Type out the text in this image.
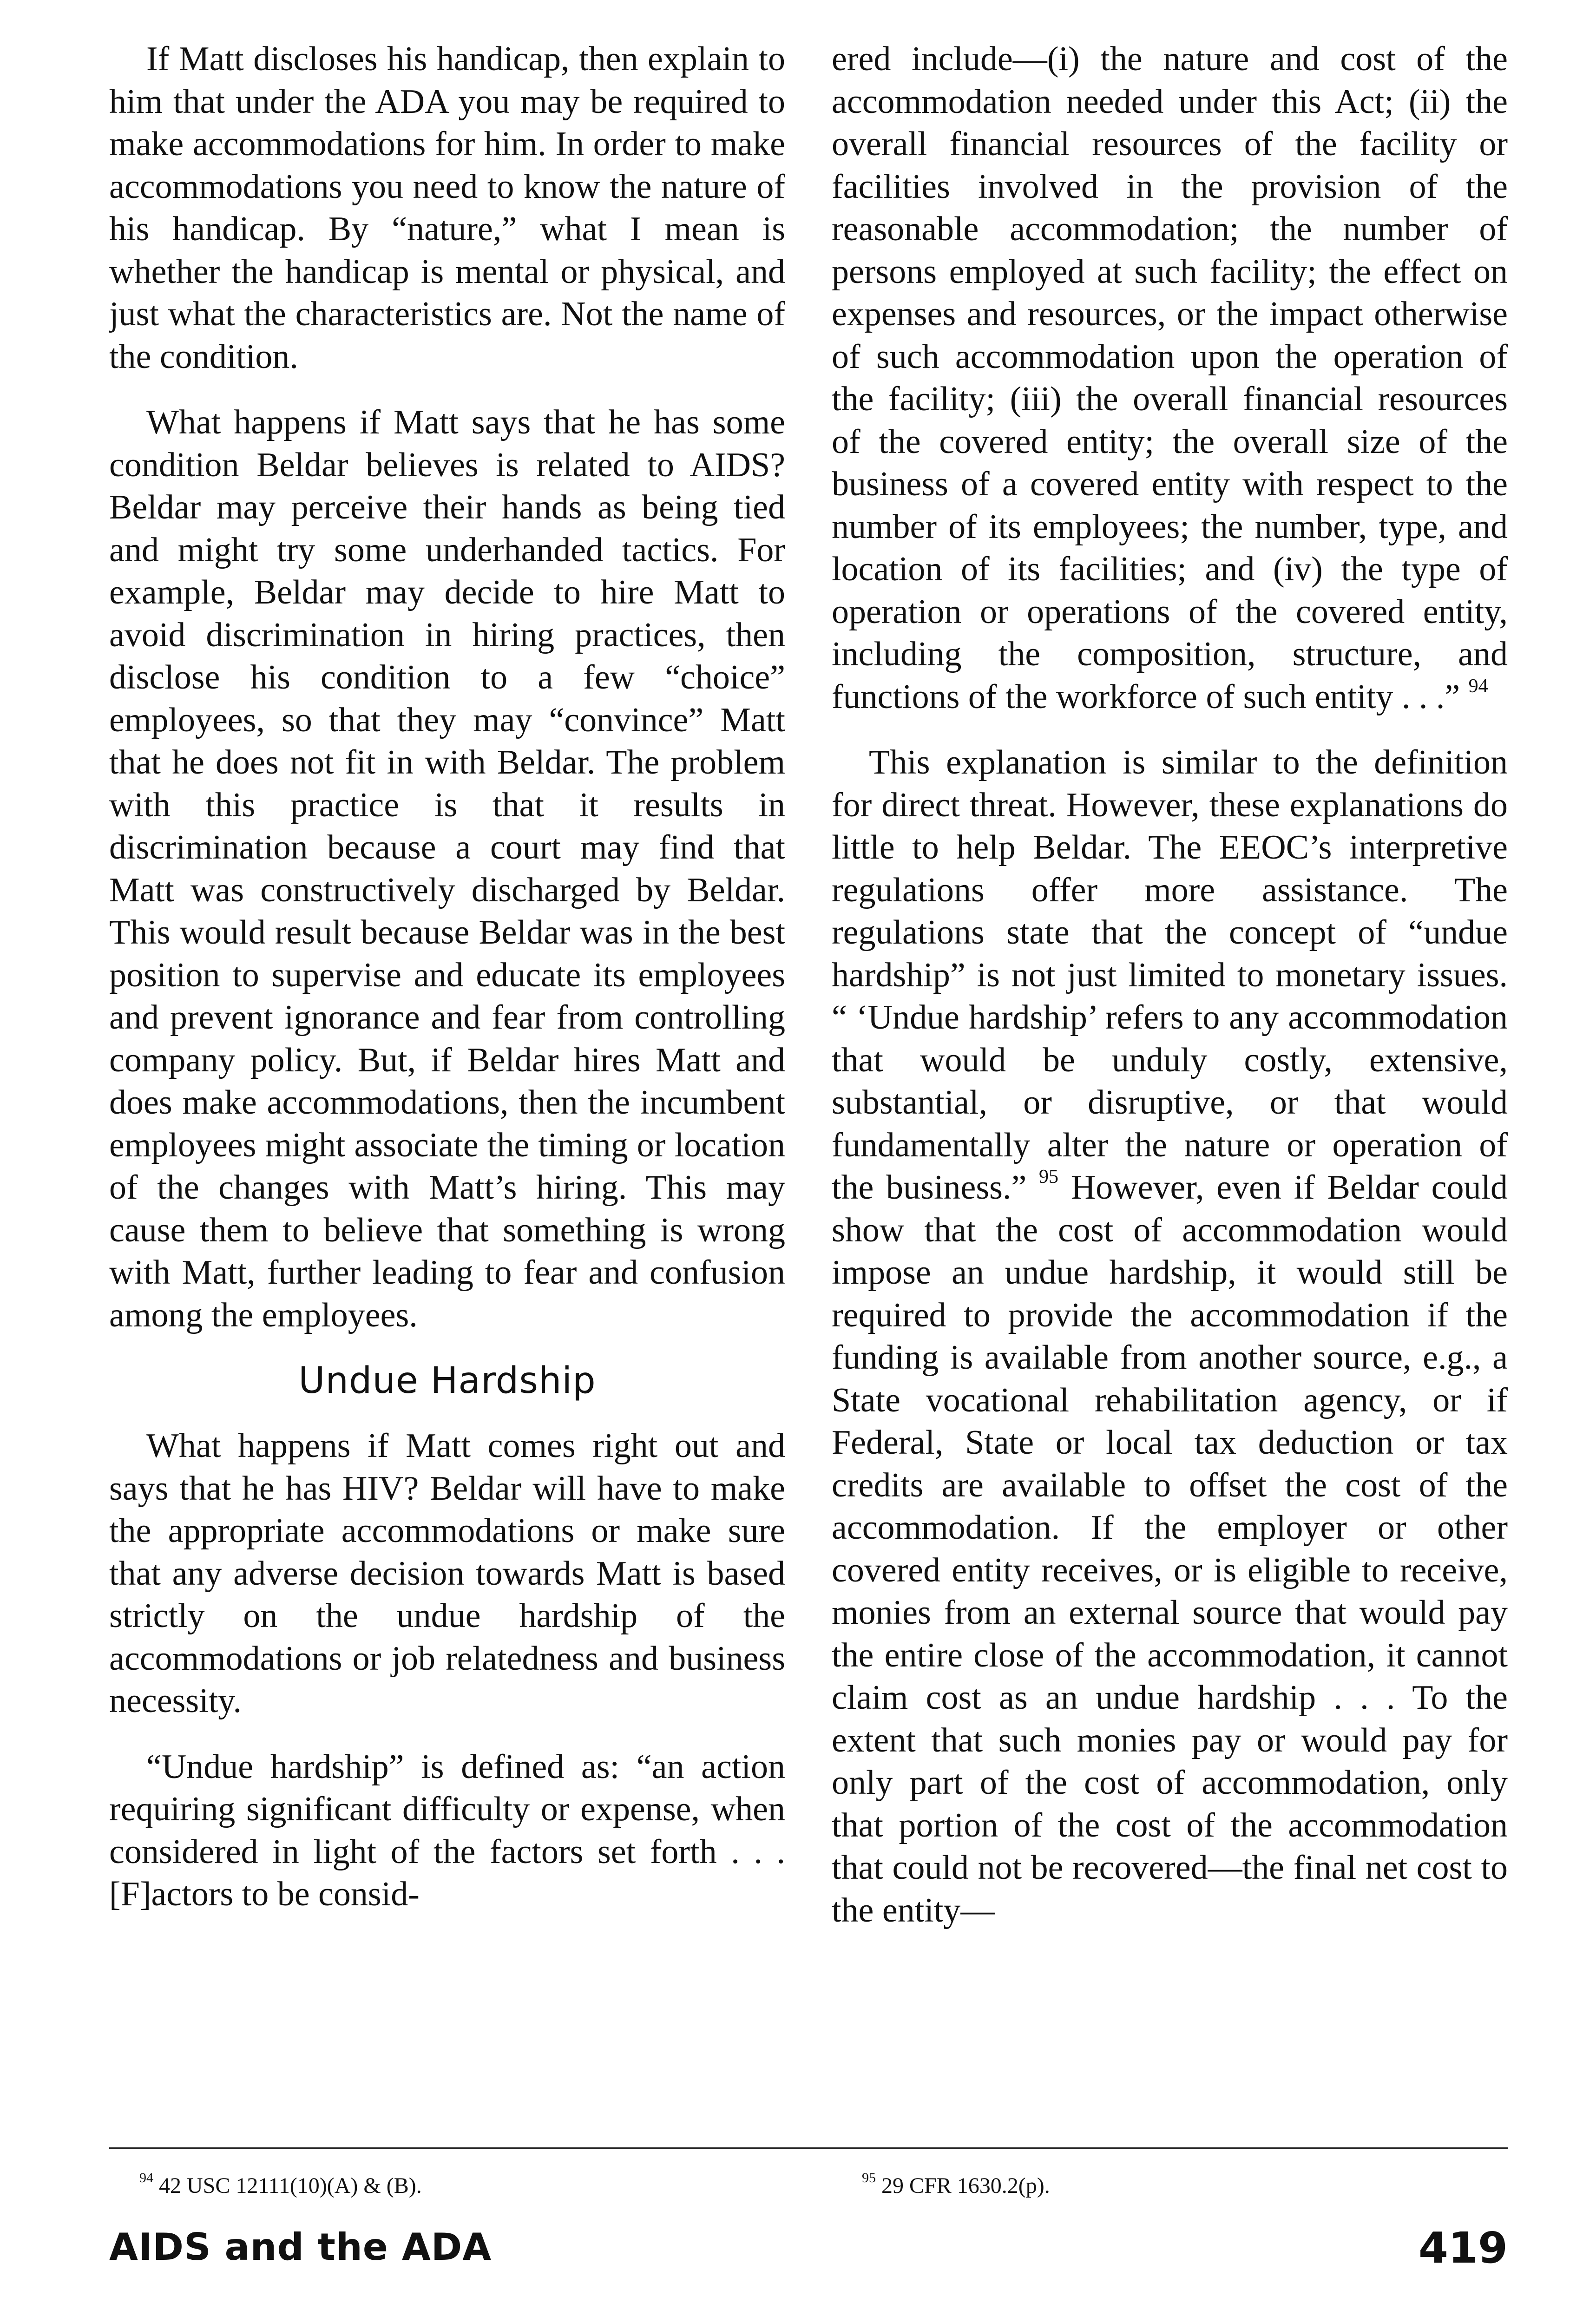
If Matt discloses his handicap, then explain to him that under the ADA you may be required to make accommodations for him. In order to make accommodations you need to know the nature of his handicap. By “nature,” what I mean is whether the handicap is mental or physical, and just what the characteristics are. Not the name of the condition.

What happens if Matt says that he has some condition Beldar believes is related to AIDS? Beldar may perceive their hands as being tied and might try some underhanded tactics. For example, Beldar may decide to hire Matt to avoid discrimination in hiring practices, then disclose his condition to a few “choice” employees, so that they may “convince” Matt that he does not fit in with Beldar. The problem with this practice is that it results in discrimination because a court may find that Matt was constructively discharged by Beldar. This would result because Beldar was in the best position to supervise and educate its employees and prevent ignorance and fear from controlling company policy. But, if Beldar hires Matt and does make accommodations, then the incumbent employees might associate the timing or location of the changes with Matt’s hiring. This may cause them to believe that something is wrong with Matt, further leading to fear and confusion among the employees.

Undue Hardship

What happens if Matt comes right out and says that he has HIV? Beldar will have to make the appropriate accommodations or make sure that any adverse decision towards Matt is based strictly on the undue hardship of the accommodations or job relatedness and business necessity.

“Undue hardship” is defined as: “an action requiring significant difficulty or expense, when considered in light of the factors set forth . . . [F]actors to be consid-

ered include—(i) the nature and cost of the accommodation needed under this Act; (ii) the overall financial resources of the facility or facilities involved in the provision of the reasonable accommodation; the number of persons employed at such facility; the effect on expenses and resources, or the impact otherwise of such accommodation upon the operation of the facility; (iii) the overall financial resources of the covered entity; the overall size of the business of a covered entity with respect to the number of its employees; the number, type, and location of its facilities; and (iv) the type of operation or operations of the covered entity, including the composition, structure, and functions of the workforce of such entity . . .” $^{94}$

This explanation is similar to the definition for direct threat. However, these explanations do little to help Beldar. The EEOC’s interpretive regulations offer more assistance. The regulations state that the concept of “undue hardship” is not just limited to monetary issues. “ ‘Undue hardship’ refers to any accommodation that would be unduly costly, extensive, substantial, or disruptive, or that would fundamentally alter the nature or operation of the business.” $^{95}$ However, even if Beldar could show that the cost of accommodation would impose an undue hardship, it would still be required to provide the accommodation if the funding is available from another source, e.g., a State vocational rehabilitation agency, or if Federal, State or local tax deduction or tax credits are available to offset the cost of the accommodation. If the employer or other covered entity receives, or is eligible to receive, monies from an external source that would pay the entire close of the accommodation, it cannot claim cost as an undue hardship . . . To the extent that such monies pay or would pay for only part of the cost of accommodation, only that portion of the cost of the accommodation that could not be recovered—the final net cost to the entity—

$^{94}$ 42 USC 12111(10)(A) & (B).	$^{95}$ 29 CFR 1630.2(p).
AIDS and the ADA	419
